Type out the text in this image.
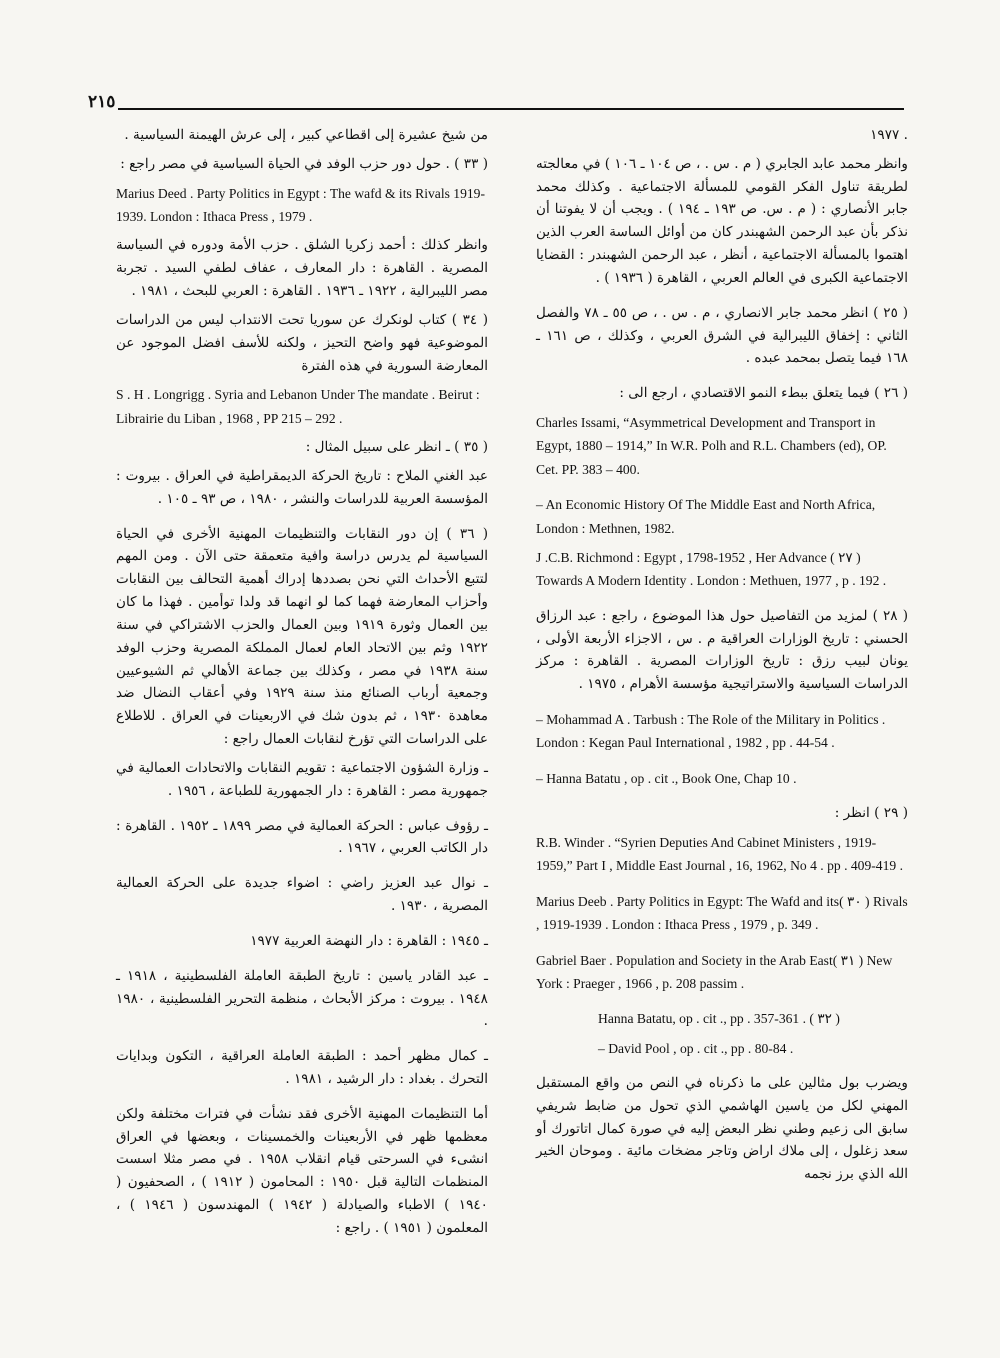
٢١٥

. ١٩٧٧

وانظر محمد عابد الجابري ( م . س . ، ص ١٠٤ ـ ١٠٦ ) في معالجته لطريقة تناول الفكر القومي للمسألة الاجتماعية . وكذلك محمد جابر الأنصاري : ( م . س. ص ١٩٣ ـ ١٩٤ ) . ويجب أن لا يفوتنا أن نذكر بأن عبد الرحمن الشهبندر كان من أوائل الساسة العرب الذين اهتموا بالمسألة الاجتماعية ، أنظر ، عبد الرحمن الشهبندر : القضايا الاجتماعية الكبرى في العالم العربي ، القاهرة ( ١٩٣٦ ) .

( ٢٥ ) انظر محمد جابر الانصاري ، م . س . ، ص ٥٥ ـ ٧٨ والفصل الثاني : إخفاق الليبرالية في الشرق العربي ، وكذلك ، ص ١٦١ ـ ١٦٨ فيما يتصل بمحمد عبده .

( ٢٦ ) فيما يتعلق ببطء النمو الاقتصادي ، ارجع الى :

Charles Issami, “Asymmetrical Development and Transport in Egypt, 1880 – 1914,” In W.R. Polh and R.L. Chambers (ed), OP. Cet. PP. 383 – 400.

– An Economic History Of The Middle East and North Africa, London : Methnen, 1982.

J .C.B. Richmond : Egypt , 1798-1952 , Her Advance ( ٢٧ ) Towards A Modern Identity . London : Methuen, 1977 , p . 192 .

( ٢٨ ) لمزيد من التفاصيل حول هذا الموضوع ، راجع : عبد الرزاق الحسني : تاريخ الوزارات العراقية م . س ، الاجزاء الأربعة الأولى ، يونان لبيب رزق : تاريخ الوزارات المصرية . القاهرة : مركز الدراسات السياسية والاستراتيجية مؤسسة الأهرام ، ١٩٧٥ .

– Mohammad A . Tarbush : The Role of the Military in Politics . London : Kegan Paul International , 1982 , pp . 44-54 .

– Hanna Batatu , op . cit ., Book One, Chap 10 .

( ٢٩ ) انظر :

R.B. Winder . “Syrien Deputies And Cabinet Ministers , 1919-1959,” Part I , Middle East Journal , 16, 1962, No 4 . pp . 409-419 .

Marius Deeb . Party Politics in Egypt: The Wafd and its( ٣٠ ) Rivals , 1919-1939 . London : Ithaca Press , 1979 , p. 349 .

Gabriel Baer . Population and Society in the Arab East( ٣١ ) New York : Praeger , 1966 , p. 208 passim .

Hanna Batatu, op . cit ., pp . 357-361 . ( ٣٢ )

– David Pool , op . cit ., pp . 80-84 .

ويضرب بول مثالين على ما ذكرناه في النص من واقع المستقبل المهني لكل من ياسين الهاشمي الذي تحول من ضابط شريفي سابق الى زعيم وطني نظر البعض إليه في صورة كمال اتاتورك أو سعد زغلول ، إلى ملاك اراض وتاجر مضخات مائية . وموحان الخير الله الذي برز نجمه

من شيخ عشيرة إلى اقطاعي كبير ، إلى عرش الهيمنة السياسية .

( ٣٣ ) . حول دور حزب الوفد في الحياة السياسية في مصر راجع :

Marius Deed . Party Politics in Egypt : The wafd & its Rivals 1919-1939. London : Ithaca Press , 1979 .

وانظر كذلك : أحمد زكريا الشلق . حزب الأمة ودوره في السياسة المصرية . القاهرة : دار المعارف ، عفاف لطفي السيد . تجربة مصر الليبرالية ، ١٩٢٢ ـ ١٩٣٦ . القاهرة : العربي للبحث ، ١٩٨١ .

( ٣٤ ) كتاب لونكرك عن سوريا تحت الانتداب ليس من الدراسات الموضوعية فهو واضح التحيز ، ولكنه للأسف افضل الموجود عن المعارضة السورية في هذه الفترة

S . H . Longrigg . Syria and Lebanon Under The mandate . Beirut : Librairie du Liban , 1968 , PP 215 – 292 .

( ٣٥ ) ـ انظر على سبيل المثال :

عبد الغني الملاح : تاريخ الحركة الديمقراطية في العراق . بيروت : المؤسسة العربية للدراسات والنشر ، ١٩٨٠ ، ص ٩٣ ـ ١٠٥ .

( ٣٦ ) إن دور النقابات والتنظيمات المهنية الأخرى في الحياة السياسية لم يدرس دراسة وافية متعمقة حتى الآن . ومن المهم لتتبع الأحداث التي نحن بصددها إدراك أهمية التحالف بين النقابات وأحزاب المعارضة فهما كما لو انهما قد ولدا توأمين . فهذا ما كان بين العمال وثورة ١٩١٩ وبين العمال والحزب الاشتراكي في سنة ١٩٢٢ وثم بين الاتحاد العام لعمال المملكة المصرية وحزب الوفد سنة ١٩٣٨ في مصر ، وكذلك بين جماعة الأهالي ثم الشيوعيين وجمعية أرباب الصنائع منذ سنة ١٩٢٩ وفي أعقاب النضال ضد معاهدة ١٩٣٠ ، ثم بدون شك في الاربعينات في العراق . للاطلاع على الدراسات التي تؤرخ لنقابات العمال راجع :

ـ وزارة الشؤون الاجتماعية : تقويم النقابات والاتحادات العمالية في جمهورية مصر : القاهرة : دار الجمهورية للطباعة ، ١٩٥٦ .

ـ رؤوف عباس : الحركة العمالية في مصر ١٨٩٩ ـ ١٩٥٢ . القاهرة : دار الكاتب العربي ، ١٩٦٧ .

ـ نوال عبد العزيز راضي : اضواء جديدة على الحركة العمالية المصرية ، ١٩٣٠ .

ـ ١٩٤٥ : القاهرة : دار النهضة العربية ١٩٧٧

ـ عبد القادر ياسين : تاريخ الطبقة العاملة الفلسطينية ، ١٩١٨ ـ ١٩٤٨ . بيروت : مركز الأبحاث ، منظمة التحرير الفلسطينية ، ١٩٨٠ .

ـ كمال مظهر أحمد : الطبقة العاملة العراقية ، التكون وبدايات التحرك . بغداد : دار الرشيد ، ١٩٨١ .

أما التنظيمات المهنية الأخرى فقد نشأت في فترات مختلفة ولكن معظمها ظهر في الأربعينات والخمسينات ، وبعضها في العراق انشىء في السرحتى قيام انقلاب ١٩٥٨ . في مصر مثلا اسست المنظمات التالية قبل ١٩٥٠ : المحامون ( ١٩١٢ ) ، الصحفيون ( ١٩٤٠ ) الاطباء والصيادلة ( ١٩٤٢ ) المهندسون ( ١٩٤٦ ) ، المعلمون ( ١٩٥١ ) . راجع :
